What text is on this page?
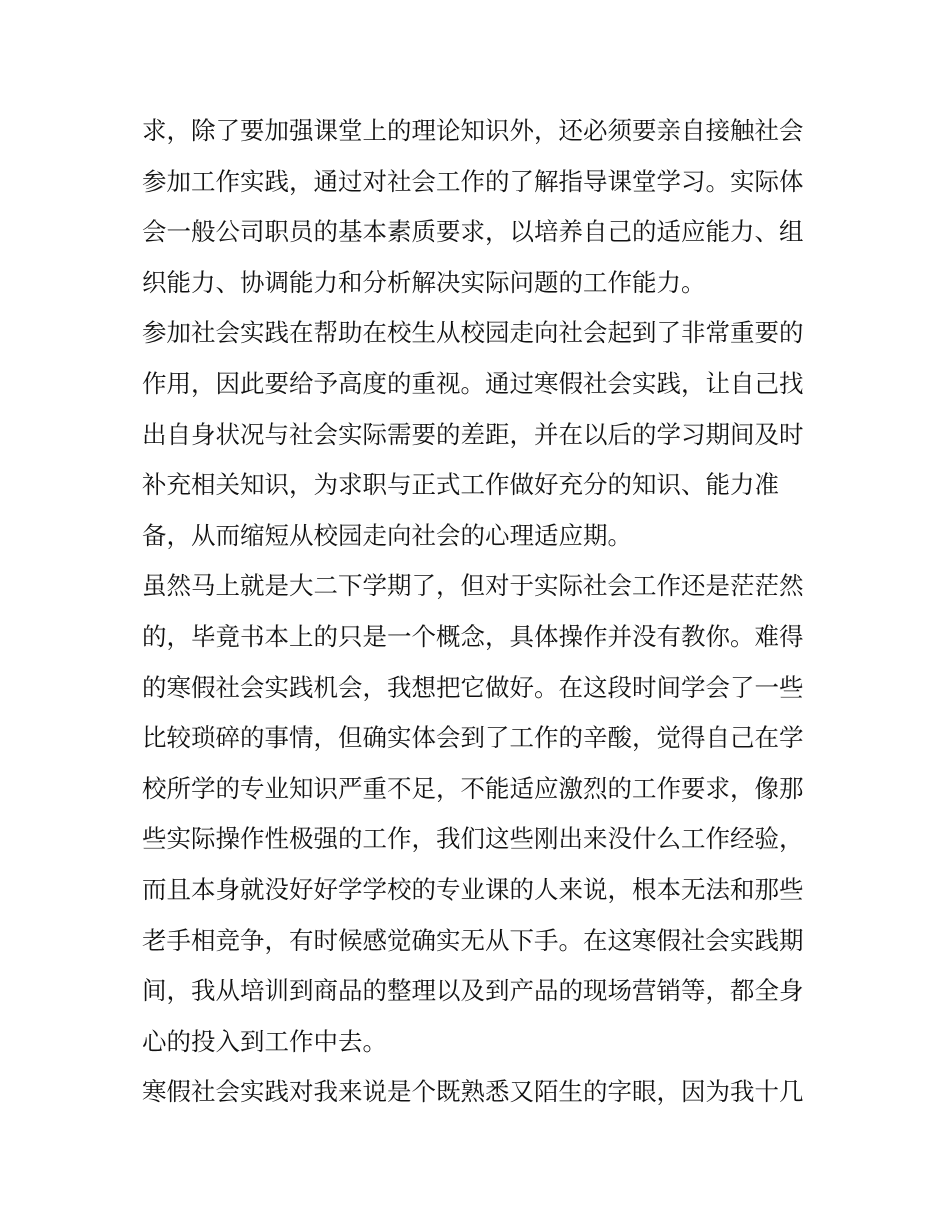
求，除了要加强课堂上的理论知识外，还必须要亲自接触社会
参加工作实践，通过对社会工作的了解指导课堂学习。实际体
会一般公司职员的基本素质要求，以培养自己的适应能力、组
织能力、协调能力和分析解决实际问题的工作能力。
参加社会实践在帮助在校生从校园走向社会起到了非常重要的
作用，因此要给予高度的重视。通过寒假社会实践，让自己找
出自身状况与社会实际需要的差距，并在以后的学习期间及时
补充相关知识，为求职与正式工作做好充分的知识、能力准
备，从而缩短从校园走向社会的心理适应期。
虽然马上就是大二下学期了，但对于实际社会工作还是茫茫然
的，毕竟书本上的只是一个概念，具体操作并没有教你。难得
的寒假社会实践机会，我想把它做好。在这段时间学会了一些
比较琐碎的事情，但确实体会到了工作的辛酸，觉得自己在学
校所学的专业知识严重不足，不能适应激烈的工作要求，像那
些实际操作性极强的工作，我们这些刚出来没什么工作经验，
而且本身就没好好学学校的专业课的人来说，根本无法和那些
老手相竞争，有时候感觉确实无从下手。在这寒假社会实践期
间，我从培训到商品的整理以及到产品的现场营销等，都全身
心的投入到工作中去。
寒假社会实践对我来说是个既熟悉又陌生的字眼，因为我十几
